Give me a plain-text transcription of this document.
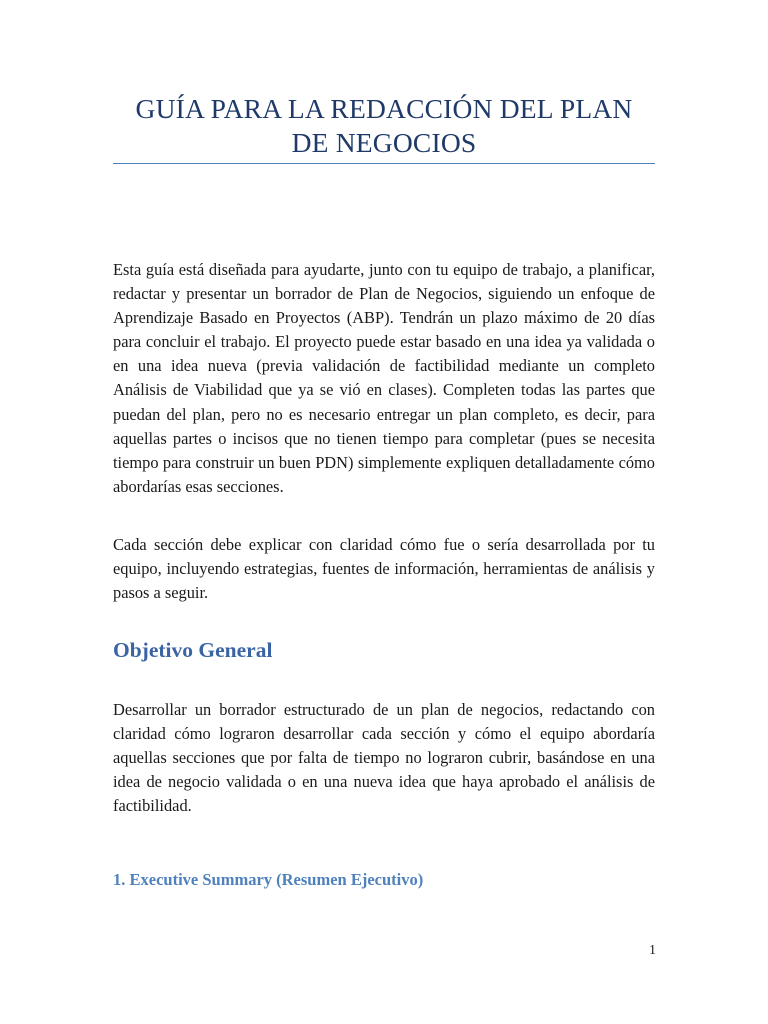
GUÍA PARA LA REDACCIÓN DEL PLAN
DE NEGOCIOS

Esta guía está diseñada para ayudarte, junto con tu equipo de trabajo, a planificar, redactar y presentar un borrador de Plan de Negocios, siguiendo un enfoque de Aprendizaje Basado en Proyectos (ABP). Tendrán un plazo máximo de 20 días para concluir el trabajo. El proyecto puede estar basado en una idea ya validada o en una idea nueva (previa validación de factibilidad mediante un completo Análisis de Viabilidad que ya se vió en clases). Completen todas las partes que puedan del plan, pero no es necesario entregar un plan completo, es decir, para aquellas partes o incisos que no tienen tiempo para completar (pues se necesita tiempo para construir un buen PDN) simplemente expliquen detalladamente cómo abordarías esas secciones.

Cada sección debe explicar con claridad cómo fue o sería desarrollada por tu equipo, incluyendo estrategias, fuentes de información, herramientas de análisis y pasos a seguir.

Objetivo General

Desarrollar un borrador estructurado de un plan de negocios, redactando con claridad cómo lograron desarrollar cada sección y cómo el equipo abordaría aquellas secciones que por falta de tiempo no lograron cubrir, basándose en una idea de negocio validada o en una nueva idea que haya aprobado el análisis de factibilidad.

1. Executive Summary (Resumen Ejecutivo)
1
